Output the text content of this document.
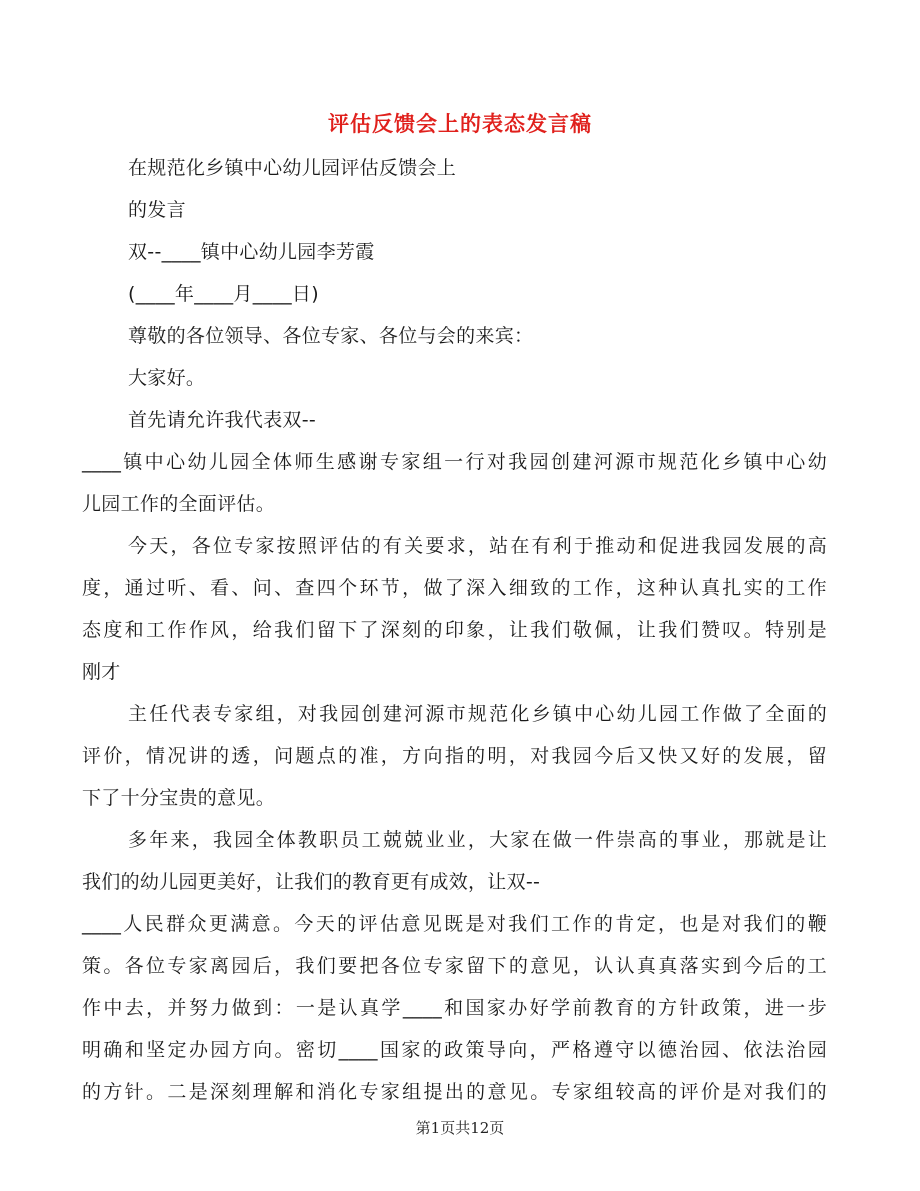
评估反馈会上的表态发言稿
在规范化乡镇中心幼儿园评估反馈会上
的发言
双--____镇中心幼儿园李芳霞
(____年____月____日)
尊敬的各位领导、各位专家、各位与会的来宾：
大家好。
首先请允许我代表双--
____镇中心幼儿园全体师生感谢专家组一行对我园创建河源市规范化乡镇中心幼
儿园工作的全面评估。
今天，各位专家按照评估的有关要求，站在有利于推动和促进我园发展的高
度，通过听、看、问、查四个环节，做了深入细致的工作，这种认真扎实的工作
态度和工作作风，给我们留下了深刻的印象，让我们敬佩，让我们赞叹。特别是
刚才
主任代表专家组，对我园创建河源市规范化乡镇中心幼儿园工作做了全面的
评价，情况讲的透，问题点的准，方向指的明，对我园今后又快又好的发展，留
下了十分宝贵的意见。
多年来，我园全体教职员工兢兢业业，大家在做一件崇高的事业，那就是让
我们的幼儿园更美好，让我们的教育更有成效，让双--
____人民群众更满意。今天的评估意见既是对我们工作的肯定，也是对我们的鞭
策。各位专家离园后，我们要把各位专家留下的意见，认认真真落实到今后的工
作中去，并努力做到：一是认真学____和国家办好学前教育的方针政策，进一步
明确和坚定办园方向。密切____国家的政策导向，严格遵守以德治园、依法治园
的方针。二是深刻理解和消化专家组提出的意见。专家组较高的评价是对我们的
第1页共12页
